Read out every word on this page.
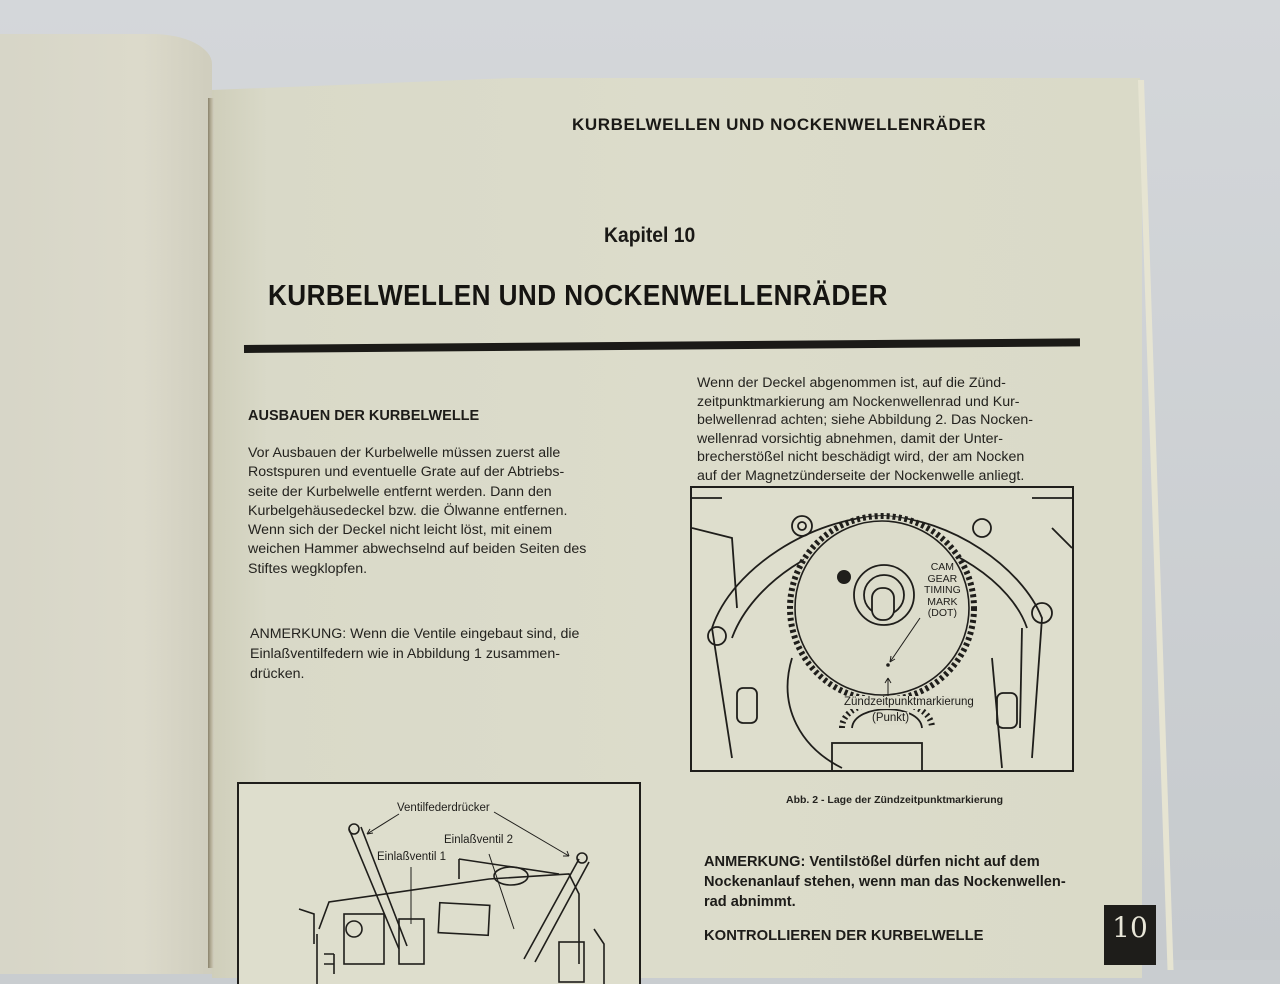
KURBELWELLEN UND NOCKENWELLENRÄDER
Kapitel 10
KURBELWELLEN UND NOCKENWELLENRÄDER
AUSBAUEN DER KURBELWELLE

Vor Ausbauen der Kurbelwelle müssen zuerst alle

Rostspuren und eventuelle Grate auf der Abtriebs-

seite der Kurbelwelle entfernt werden. Dann den

Kurbelgehäusedeckel bzw. die Ölwanne entfernen.

Wenn sich der Deckel nicht leicht löst, mit einem

weichen Hammer abwechselnd auf beiden Seiten des

Stiftes wegklopfen.

ANMERKUNG: Wenn die Ventile eingebaut sind, die

Einlaßventilfedern wie in Abbildung 1 zusammen-

drücken.

Ventilfederdrücker
Einlaßventil 2
Einlaßventil 1

Wenn der Deckel abgenommen ist, auf die Zünd-

zeitpunktmarkierung am Nockenwellenrad und Kur-

belwellenrad achten; siehe Abbildung 2. Das Nocken-

wellenrad vorsichtig abnehmen, damit der Unter-

brecherstößel nicht beschädigt wird, der am Nocken

auf der Magnetzünderseite der Nockenwelle anliegt.

CAM
GEAR
TIMING
MARK
(DOT)
Zündzeitpunktmarkierung
(Punkt)
Abb. 2 - Lage der Zündzeitpunktmarkierung
ANMERKUNG: Ventilstößel dürfen nicht auf dem
Nockenanlauf stehen, wenn man das Nockenwellen-
rad abnimmt.
KONTROLLIEREN DER KURBELWELLE	10
